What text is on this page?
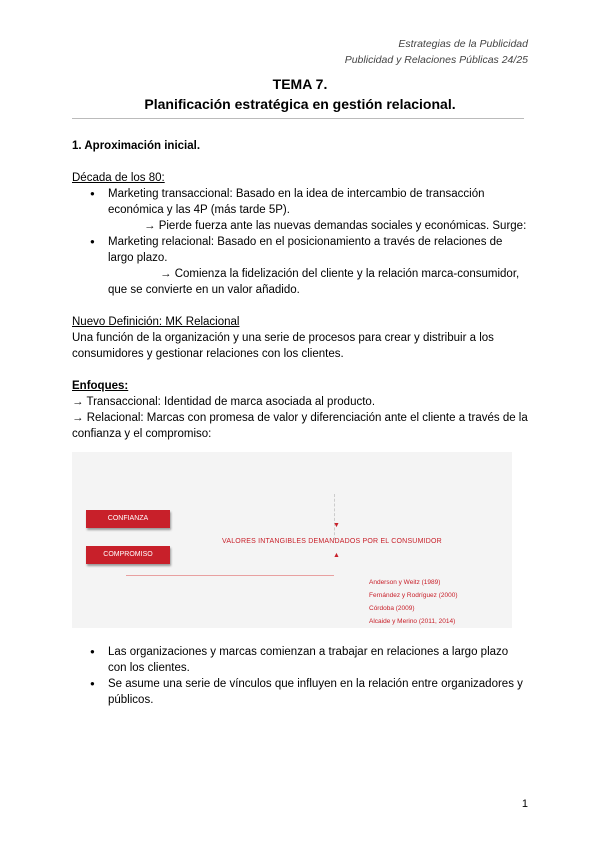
Estrategias de la Publicidad
Publicidad y Relaciones Públicas 24/25
TEMA 7.
Planificación estratégica en gestión relacional.
1. Aproximación inicial.
Década de los 80:
● Marketing transaccional: Basado en la idea de intercambio de transacción económica y las 4P (más tarde 5P).
→ Pierde fuerza ante las nuevas demandas sociales y económicas. Surge:
● Marketing relacional: Basado en el posicionamiento a través de relaciones de largo plazo.
→ Comienza la fidelización del cliente y la relación marca-consumidor, que se convierte en un valor añadido.
Nuevo Definición: MK Relacional
Una función de la organización y una serie de procesos para crear y distribuir a los consumidores y gestionar relaciones con los clientes.
Enfoques:
→ Transaccional: Identidad de marca asociada al producto.
→ Relacional: Marcas con promesa de valor y diferenciación ante el cliente a través de la confianza y el compromiso:
CONFIANZA
COMPROMISO
▼
VALORES INTANGIBLES DEMANDADOS POR EL CONSUMIDOR
▲
Anderson y Weitz (1989)
Fernández y Rodríguez (2000)
Córdoba (2009)
Alcaide y Merino (2011, 2014)
● Las organizaciones y marcas comienzan a trabajar en relaciones a largo plazo con los clientes.
● Se asume una serie de vínculos que influyen en la relación entre organizadores y públicos.
1
